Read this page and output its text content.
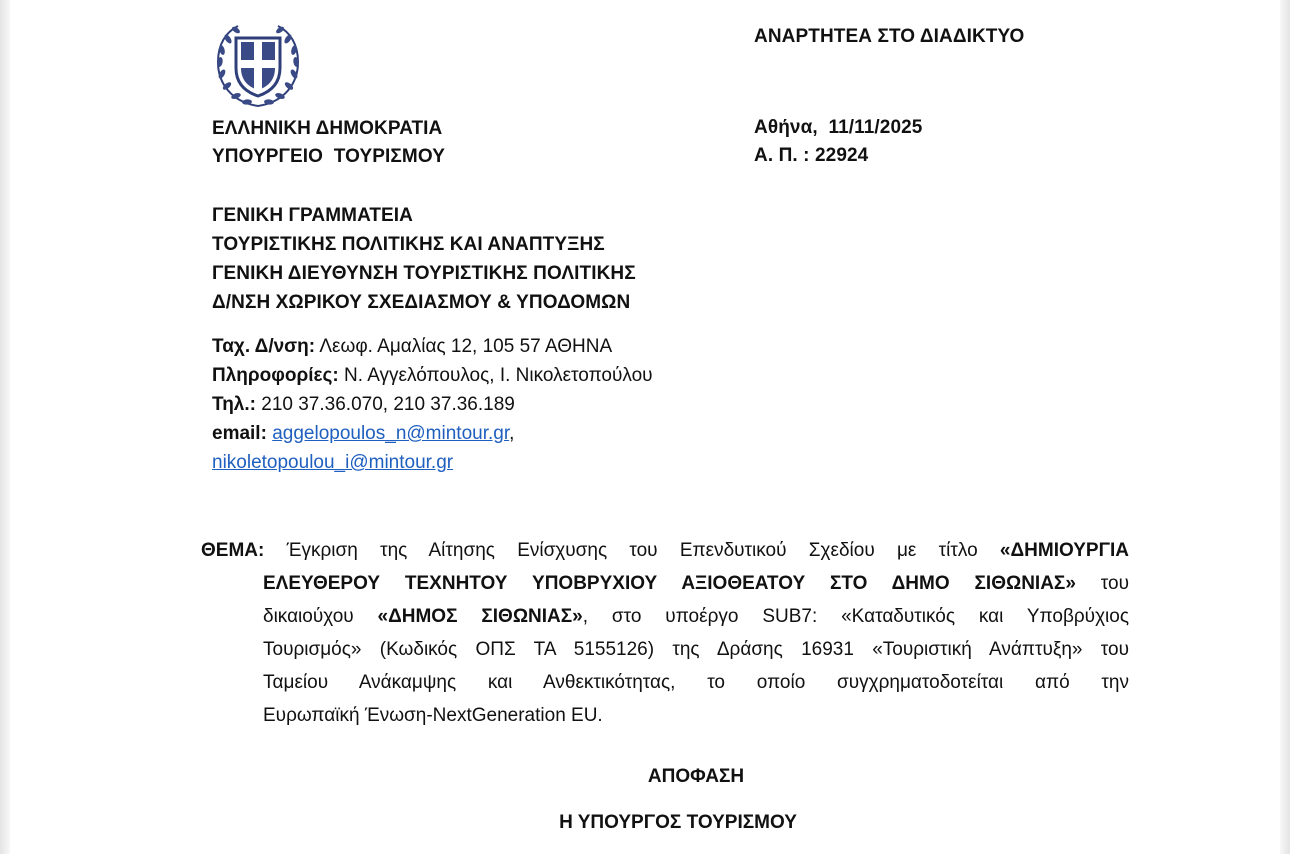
ΑΝΑΡΤΗΤΕΑ ΣΤΟ ΔΙΑΔΙΚΤΥΟ
ΕΛΛΗΝΙΚΗ ΔΗΜΟΚΡΑΤΙΑ
ΥΠΟΥΡΓΕΙΟ  ΤΟΥΡΙΣΜΟΥ
Αθήνα,  11/11/2025
Α. Π. : 22924
ΓΕΝΙΚΗ ΓΡΑΜΜΑΤΕΙΑ
ΤΟΥΡΙΣΤΙΚΗΣ ΠΟΛΙΤΙΚΗΣ ΚΑΙ ΑΝΑΠΤΥΞΗΣ
ΓΕΝΙΚΗ ΔΙΕΥΘΥΝΣΗ ΤΟΥΡΙΣΤΙΚΗΣ ΠΟΛΙΤΙΚΗΣ
Δ/ΝΣΗ ΧΩΡΙΚΟΥ ΣΧΕΔΙΑΣΜΟΥ & ΥΠΟΔΟΜΩΝ
Ταχ. Δ/νση: Λεωφ. Αμαλίας 12, 105 57 ΑΘΗΝΑ
Πληροφορίες: Ν. Αγγελόπουλος, Ι. Νικολετοπούλου
Τηλ.: 210 37.36.070, 210 37.36.189
email: aggelopoulos_n@mintour.gr,
nikoletopoulou_i@mintour.gr
ΘΕΜΑ: Έγκριση της Αίτησης Ενίσχυσης του Επενδυτικού Σχεδίου με τίτλο «ΔΗΜΙΟΥΡΓΙΑ
ΕΛΕΥΘΕΡΟΥ ΤΕΧΝΗΤΟΥ ΥΠΟΒΡΥΧΙΟΥ ΑΞΙΟΘΕΑΤΟΥ ΣΤΟ ΔΗΜΟ ΣΙΘΩΝΙΑΣ» του
δικαιούχου «ΔΗΜΟΣ ΣΙΘΩΝΙΑΣ», στο υποέργο SUB7: «Καταδυτικός και Υποβρύχιος
Τουρισμός» (Κωδικός ΟΠΣ ΤΑ 5155126) της Δράσης 16931 «Τουριστική Ανάπτυξη» του
Ταμείου Ανάκαμψης και Ανθεκτικότητας, το οποίο συγχρηματοδοτείται από την
Ευρωπαϊκή Ένωση-NextGeneration EU.
ΑΠΟΦΑΣΗ
Η ΥΠΟΥΡΓΟΣ ΤΟΥΡΙΣΜΟΥ
